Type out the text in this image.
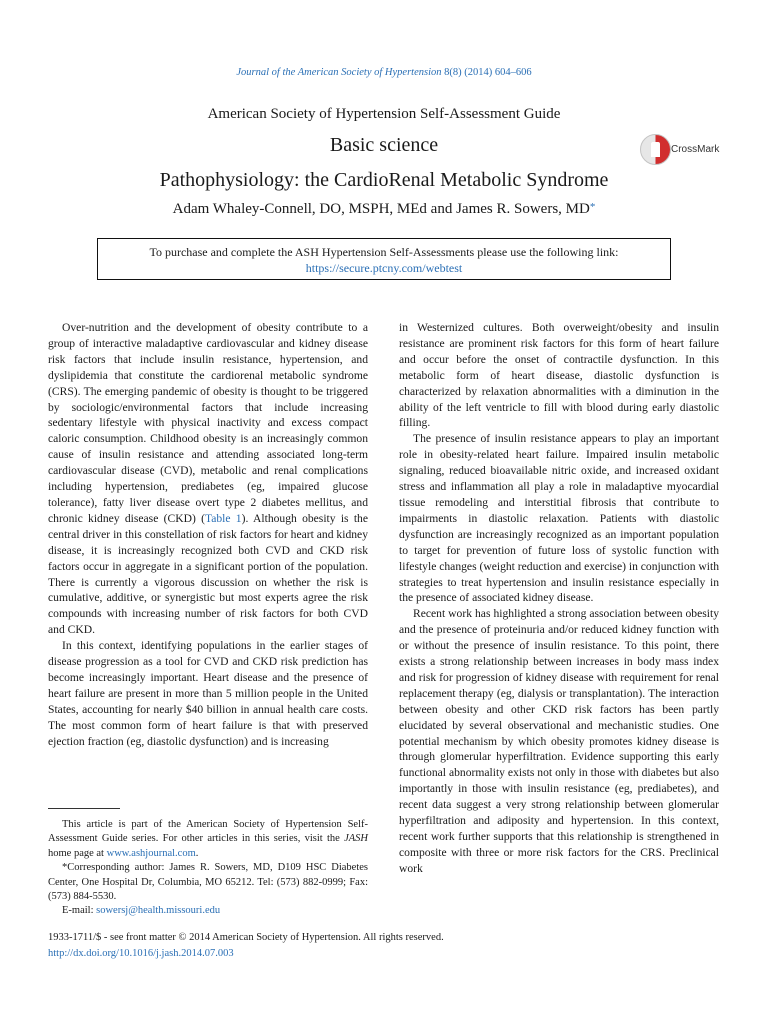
Journal of the American Society of Hypertension 8(8) (2014) 604–606
American Society of Hypertension Self-Assessment Guide
Basic science	CrossMark
Pathophysiology: the CardioRenal Metabolic Syndrome
Adam Whaley-Connell, DO, MSPH, MEd and James R. Sowers, MD*
To purchase and complete the ASH Hypertension Self-Assessments please use the following link:
https://secure.ptcny.com/webtest

Over-nutrition and the development of obesity contribute to a group of interactive maladaptive cardiovascular and kidney disease risk factors that include insulin resistance, hypertension, and dyslipidemia that constitute the cardiorenal metabolic syndrome (CRS). The emerging pandemic of obesity is thought to be triggered by sociologic/environmental factors that include increasing sedentary lifestyle with physical inactivity and excess compact caloric consumption. Childhood obesity is an increasingly common cause of insulin resistance and attending associated long-term cardiovascular disease (CVD), metabolic and renal complications including hypertension, prediabetes (eg, impaired glucose tolerance), fatty liver disease overt type 2 diabetes mellitus, and chronic kidney disease (CKD) (Table 1). Although obesity is the central driver in this constellation of risk factors for heart and kidney disease, it is increasingly recognized both CVD and CKD risk factors occur in aggregate in a significant portion of the population. There is currently a vigorous discussion on whether the risk is cumulative, additive, or synergistic but most experts agree the risk compounds with increasing number of risk factors for both CVD and CKD.

In this context, identifying populations in the earlier stages of disease progression as a tool for CVD and CKD risk prediction has become increasingly important. Heart disease and the presence of heart failure are present in more than 5 million people in the United States, accounting for nearly $40 billion in annual health care costs. The most common form of heart failure is that with preserved ejection fraction (eg, diastolic dysfunction) and is increasing

in Westernized cultures. Both overweight/obesity and insulin resistance are prominent risk factors for this form of heart failure and occur before the onset of contractile dysfunction. In this metabolic form of heart disease, diastolic dysfunction is characterized by relaxation abnormalities with a diminution in the ability of the left ventricle to fill with blood during early diastolic filling.

The presence of insulin resistance appears to play an important role in obesity-related heart failure. Impaired insulin metabolic signaling, reduced bioavailable nitric oxide, and increased oxidant stress and inflammation all play a role in maladaptive myocardial tissue remodeling and interstitial fibrosis that contribute to impairments in diastolic relaxation. Patients with diastolic dysfunction are increasingly recognized as an important population to target for prevention of future loss of systolic function with lifestyle changes (weight reduction and exercise) in conjunction with strategies to treat hypertension and insulin resistance especially in the presence of associated kidney disease.

Recent work has highlighted a strong association between obesity and the presence of proteinuria and/or reduced kidney function with or without the presence of insulin resistance. To this point, there exists a strong relationship between increases in body mass index and risk for progression of kidney disease with requirement for renal replacement therapy (eg, dialysis or transplantation). The interaction between obesity and other CKD risk factors has been partly elucidated by several observational and mechanistic studies. One potential mechanism by which obesity promotes kidney disease is through glomerular hyperfiltration. Evidence supporting this early functional abnormality exists not only in those with diabetes but also importantly in those with insulin resistance (eg, prediabetes), and recent data suggest a very strong relationship between glomerular hyperfiltration and adiposity and hypertension. In this context, recent work further supports that this relationship is strengthened in composite with three or more risk factors for the CRS. Preclinical work

This article is part of the American Society of Hypertension Self-Assessment Guide series. For other articles in this series, visit the JASH home page at www.ashjournal.com.

*Corresponding author: James R. Sowers, MD, D109 HSC Diabetes Center, One Hospital Dr, Columbia, MO 65212. Tel: (573) 882-0999; Fax: (573) 884-5530.

E-mail: sowersj@health.missouri.edu

1933-1711/$ - see front matter © 2014 American Society of Hypertension. All rights reserved.
http://dx.doi.org/10.1016/j.jash.2014.07.003
